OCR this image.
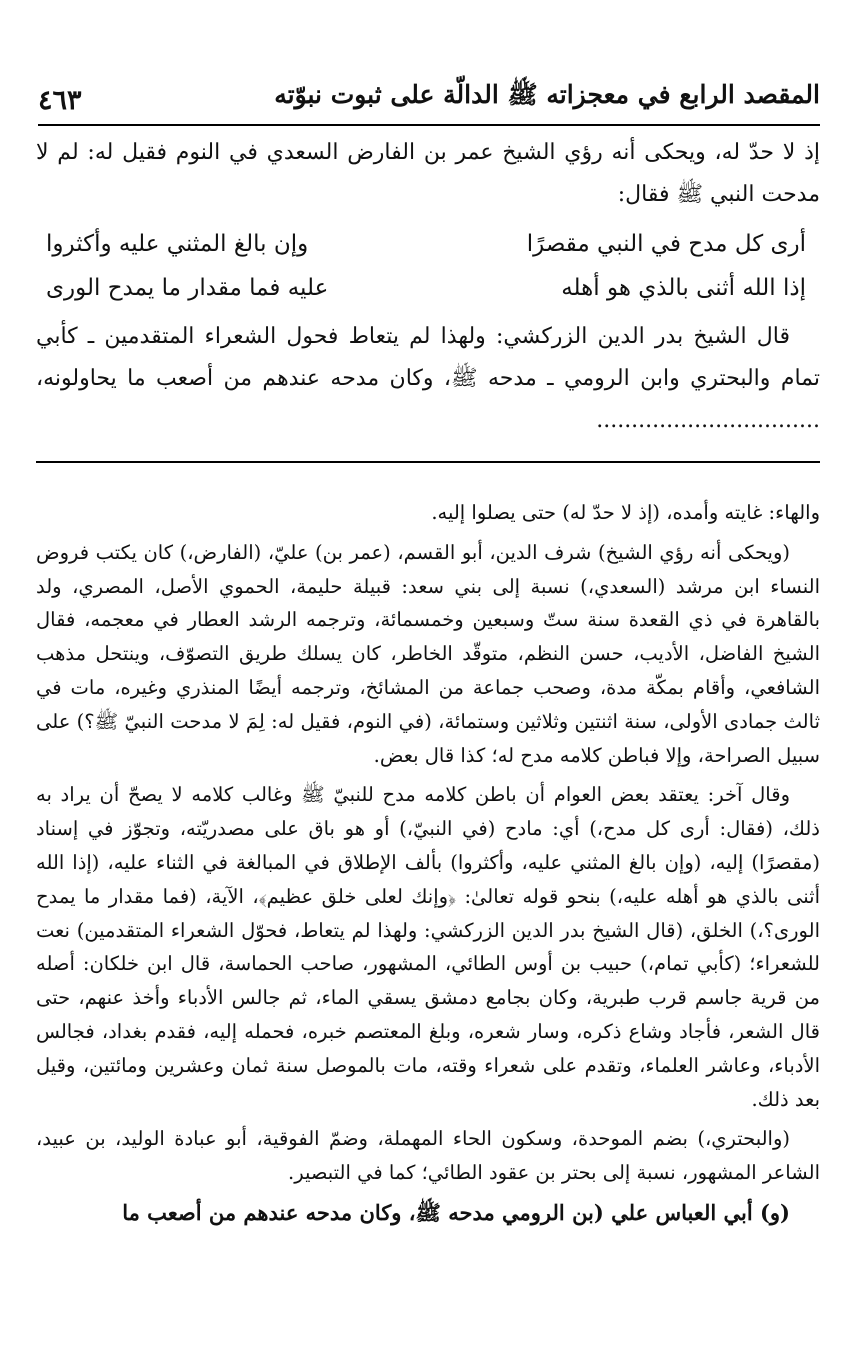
المقصد الرابع في معجزاته ﷺ الدالّة على ثبوت نبوّته
٤٦٣

إذ لا حدّ له، ويحكى أنه رؤي الشيخ عمر بن الفارض السعدي في النوم فقيل له: لم لا مدحت النبي ﷺ فقال:

أرى كل مدح في النبي مقصرًا
وإن بالغ المثني عليه وأكثروا
إذا الله أثنى بالذي هو أهله
عليه فما مقدار ما يمدح الورى

قال الشيخ بدر الدين الزركشي: ولهذا لم يتعاط فحول الشعراء المتقدمين ـ كأبي تمام والبحتري وابن الرومي ـ مدحه ﷺ، وكان مدحه عندهم من أصعب ما يحاولونه، ................................

والهاء: غايته وأمده، (إذ لا حدّ له) حتى يصلوا إليه.

(ويحكى أنه رؤي الشيخ) شرف الدين، أبو القسم، (عمر بن) عليّ، (الفارض،) كان يكتب فروض النساء ابن مرشد (السعدي،) نسبة إلى بني سعد: قبيلة حليمة، الحموي الأصل، المصري، ولد بالقاهرة في ذي القعدة سنة ستّ وسبعين وخمسمائة، وترجمه الرشد العطار في معجمه، فقال الشيخ الفاضل، الأديب، حسن النظم، متوقّد الخاطر، كان يسلك طريق التصوّف، وينتحل مذهب الشافعي، وأقام بمكّة مدة، وصحب جماعة من المشائخ، وترجمه أيضًا المنذري وغيره، مات في ثالث جمادى الأولى، سنة اثنتين وثلاثين وستمائة، (في النوم، فقيل له: لِمَ لا مدحت النبيّ ﷺ؟) على سبيل الصراحة، وإلا فباطن كلامه مدح له؛ كذا قال بعض.

وقال آخر: يعتقد بعض العوام أن باطن كلامه مدح للنبيّ ﷺ وغالب كلامه لا يصحّ أن يراد به ذلك، (فقال: أرى كل مدح،) أي: مادح (في النبيّ،) أو هو باق على مصدريّته، وتجوّز في إسناد (مقصرًا) إليه، (وإن بالغ المثني عليه، وأكثروا) بألف الإطلاق في المبالغة في الثناء عليه، (إذا الله أثنى بالذي هو أهله عليه،) بنحو قوله تعالىٰ: ﴿وإنك لعلى خلق عظيم﴾، الآية، (فما مقدار ما يمدح الورى؟،) الخلق، (قال الشيخ بدر الدين الزركشي: ولهذا لم يتعاط، فحوّل الشعراء المتقدمين) نعت للشعراء؛ (كأبي تمام،) حبيب بن أوس الطائي، المشهور، صاحب الحماسة، قال ابن خلكان: أصله من قرية جاسم قرب طبرية، وكان بجامع دمشق يسقي الماء، ثم جالس الأدباء وأخذ عنهم، حتى قال الشعر، فأجاد وشاع ذكره، وسار شعره، وبلغ المعتصم خبره، فحمله إليه، فقدم بغداد، فجالس الأدباء، وعاشر العلماء، وتقدم على شعراء وقته، مات بالموصل سنة ثمان وعشرين ومائتين، وقيل بعد ذلك.

(والبحتري،) بضم الموحدة، وسكون الحاء المهملة، وضمّ الفوقية، أبو عبادة الوليد، بن عبيد، الشاعر المشهور، نسبة إلى بحتر بن عقود الطائي؛ كما في التبصير.

(و) أبي العباس علي (بن الرومي مدحه ﷺ، وكان مدحه عندهم من أصعب ما
